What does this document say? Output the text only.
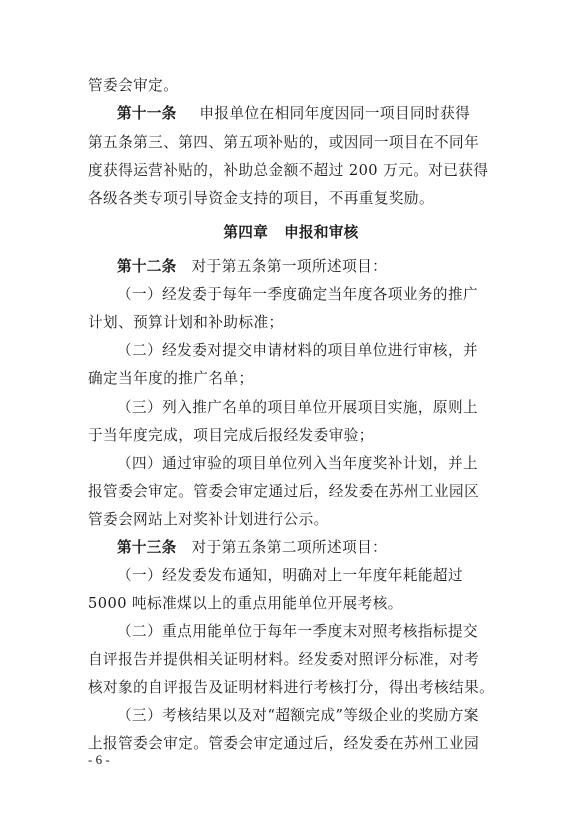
管委会审定。
第十一条   申报单位在相同年度因同一项目同时获得
第五条第三、第四、第五项补贴的，或因同一项目在不同年
度获得运营补贴的，补助总金额不超过 200 万元。对已获得
各级各类专项引导资金支持的项目，不再重复奖励。
第四章 申报和审核
第十二条  对于第五条第一项所述项目：
（一）经发委于每年一季度确定当年度各项业务的推广
计划、预算计划和补助标准；
（二）经发委对提交申请材料的项目单位进行审核，并
确定当年度的推广名单；
（三）列入推广名单的项目单位开展项目实施，原则上
于当年度完成，项目完成后报经发委审验；
（四）通过审验的项目单位列入当年度奖补计划，并上
报管委会审定。管委会审定通过后，经发委在苏州工业园区
管委会网站上对奖补计划进行公示。
第十三条  对于第五条第二项所述项目：
（一）经发委发布通知，明确对上一年度年耗能超过
5000 吨标准煤以上的重点用能单位开展考核。
（二）重点用能单位于每年一季度末对照考核指标提交
自评报告并提供相关证明材料。经发委对照评分标准，对考
核对象的自评报告及证明材料进行考核打分，得出考核结果。
（三）考核结果以及对“超额完成”等级企业的奖励方案
上报管委会审定。管委会审定通过后，经发委在苏州工业园
- 6 -
